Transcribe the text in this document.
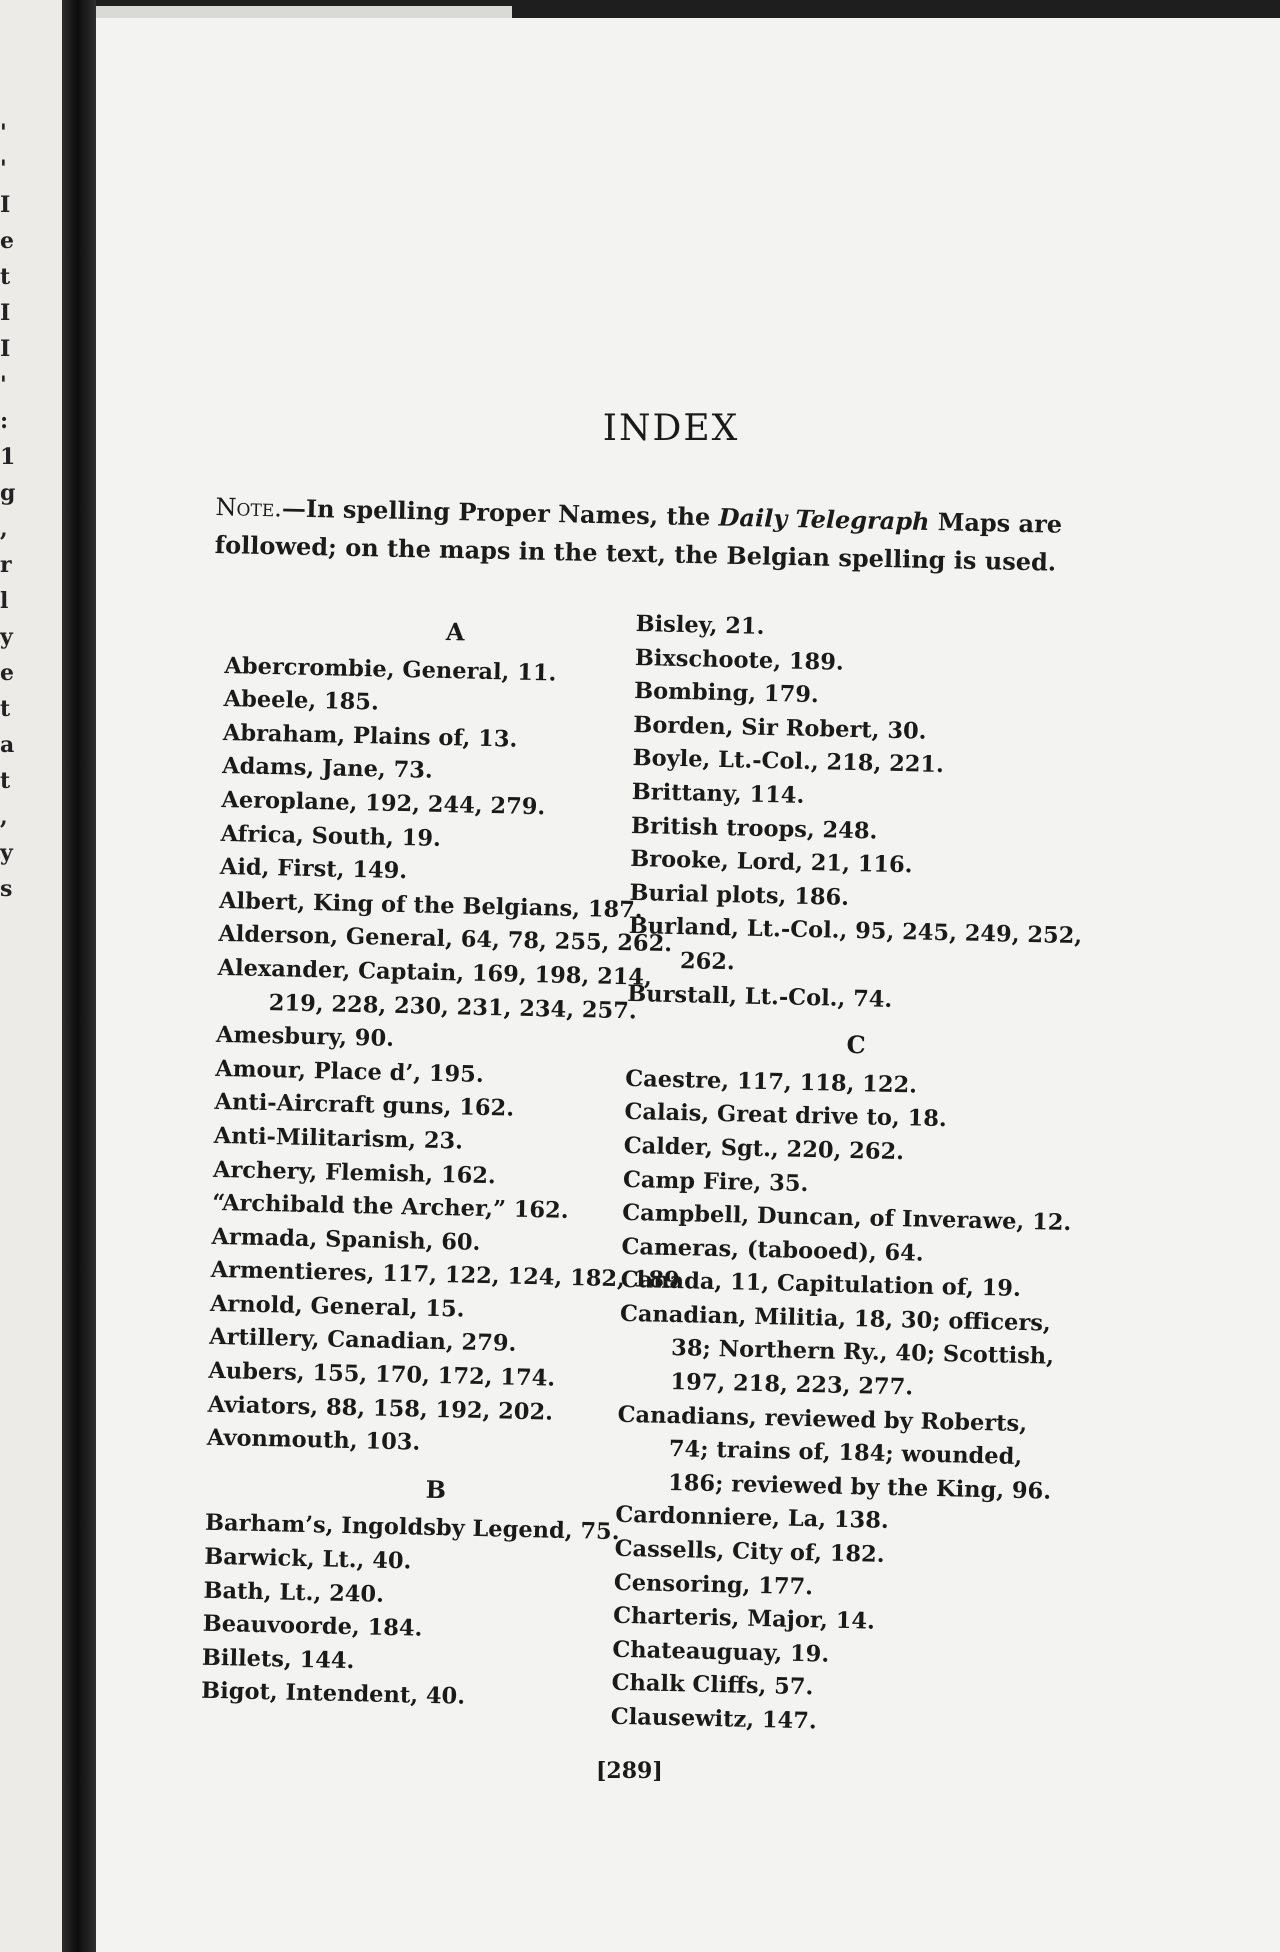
'
'
I
e
t
I
I
'
:
1
g
,
r
l
y
e
t
a
t
,
y
s
INDEX
Note.—In spelling Proper Names, the Daily Telegraph Maps are followed; on the maps in the text, the Belgian spelling is used.
A
Abercrombie, General, 11.
Abeele, 185.
Abraham, Plains of, 13.
Adams, Jane, 73.
Aeroplane, 192, 244, 279.
Africa, South, 19.
Aid, First, 149.
Albert, King of the Belgians, 187.
Alderson, General, 64, 78, 255, 262.
Alexander, Captain, 169, 198, 214,
219, 228, 230, 231, 234, 257.
Amesbury, 90.
Amour, Place d’, 195.
Anti-Aircraft guns, 162.
Anti-Militarism, 23.
Archery, Flemish, 162.
“Archibald the Archer,” 162.
Armada, Spanish, 60.
Armentieres, 117, 122, 124, 182, 189
Arnold, General, 15.
Artillery, Canadian, 279.
Aubers, 155, 170, 172, 174.
Aviators, 88, 158, 192, 202.
Avonmouth, 103.
B
Barham’s, Ingoldsby Legend, 75.
Barwick, Lt., 40.
Bath, Lt., 240.
Beauvoorde, 184.
Billets, 144.
Bigot, Intendent, 40.
Bisley, 21.
Bixschoote, 189.
Bombing, 179.
Borden, Sir Robert, 30.
Boyle, Lt.-Col., 218, 221.
Brittany, 114.
British troops, 248.
Brooke, Lord, 21, 116.
Burial plots, 186.
Burland, Lt.-Col., 95, 245, 249, 252,
262.
Burstall, Lt.-Col., 74.
C
Caestre, 117, 118, 122.
Calais, Great drive to, 18.
Calder, Sgt., 220, 262.
Camp Fire, 35.
Campbell, Duncan, of Inverawe, 12.
Cameras, (tabooed), 64.
Canada, 11, Capitulation of, 19.
Canadian, Militia, 18, 30; officers,
38; Northern Ry., 40; Scottish,
197, 218, 223, 277.
Canadians, reviewed by Roberts,
74; trains of, 184; wounded,
186; reviewed by the King, 96.
Cardonniere, La, 138.
Cassells, City of, 182.
Censoring, 177.
Charteris, Major, 14.
Chateauguay, 19.
Chalk Cliffs, 57.
Clausewitz, 147.
[289]
